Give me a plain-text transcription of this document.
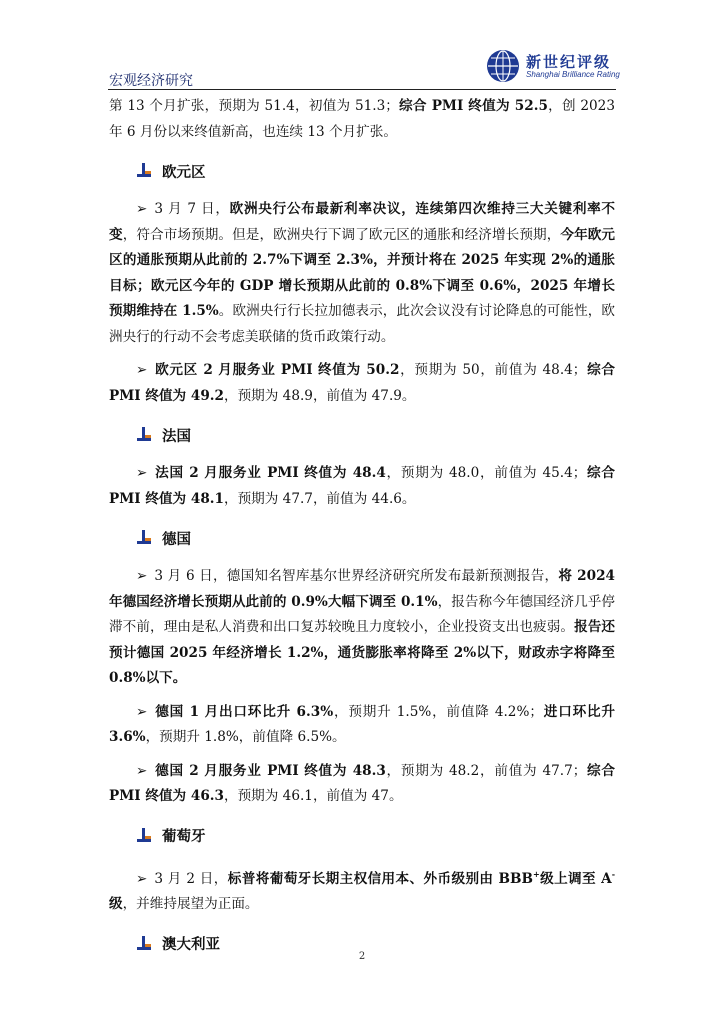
宏观经济研究
新世纪评级
Shanghai Brilliance Rating

第 13 个月扩张，预期为 51.4，初值为 51.3；综合 PMI 终值为 52.5，创 2023 年 6 月份以来终值新高，也连续 13 个月扩张。

欧元区

➢ 3 月 7 日，欧洲央行公布最新利率决议，连续第四次维持三大关键利率不变，符合市场预期。但是，欧洲央行下调了欧元区的通胀和经济增长预期，今年欧元区的通胀预期从此前的 2.7%下调至 2.3%，并预计将在 2025 年实现 2%的通胀目标；欧元区今年的 GDP 增长预期从此前的 0.8%下调至 0.6%，2025 年增长预期维持在 1.5%。欧洲央行行长拉加德表示，此次会议没有讨论降息的可能性，欧洲央行的行动不会考虑美联储的货币政策行动。

➢ 欧元区 2 月服务业 PMI 终值为 50.2，预期为 50，前值为 48.4；综合 PMI 终值为 49.2，预期为 48.9，前值为 47.9。

法国

➢ 法国 2 月服务业 PMI 终值为 48.4，预期为 48.0，前值为 45.4；综合 PMI 终值为 48.1，预期为 47.7，前值为 44.6。

德国

➢ 3 月 6 日，德国知名智库基尔世界经济研究所发布最新预测报告，将 2024 年德国经济增长预期从此前的 0.9%大幅下调至 0.1%，报告称今年德国经济几乎停滞不前，理由是私人消费和出口复苏较晚且力度较小，企业投资支出也疲弱。报告还预计德国 2025 年经济增长 1.2%，通货膨胀率将降至 2%以下，财政赤字将降至 0.8%以下。

➢ 德国 1 月出口环比升 6.3%，预期升 1.5%，前值降 4.2%；进口环比升 3.6%，预期升 1.8%，前值降 6.5%。

➢ 德国 2 月服务业 PMI 终值为 48.3，预期为 48.2，前值为 47.7；综合 PMI 终值为 46.3，预期为 46.1，前值为 47。

葡萄牙

➢ 3 月 2 日，标普将葡萄牙长期主权信用本、外币级别由 BBB+级上调至 A-级，并维持展望为正面。

澳大利亚
2
